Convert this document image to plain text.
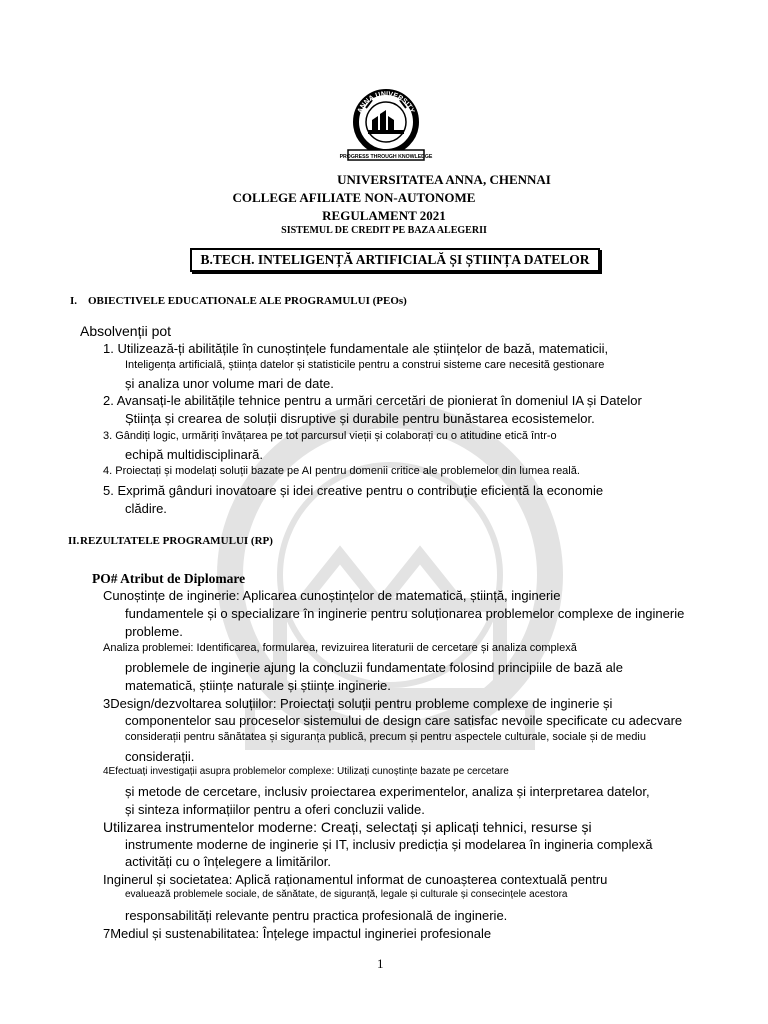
PROGRESS THROUGH KNOWLEDGE
ANNA UNIVERSITY
UNIVERSITATEA ANNA, CHENNAI
COLLEGE AFILIATE NON-AUTONOME
REGULAMENT 2021
SISTEMUL DE CREDIT PE BAZA ALEGERII
B.TECH. INTELIGENȚĂ ARTIFICIALĂ ȘI ȘTIINȚA DATELOR
I. OBIECTIVELE EDUCATIONALE ALE PROGRAMULUI (PEOs)
Absolvenții pot
1. Utilizează-ți abilitățile în cunoștințele fundamentale ale științelor de bază, matematicii,
Inteligența artificială, știința datelor și statisticile pentru a construi sisteme care necesită gestionare
și analiza unor volume mari de date.
2. Avansați-le abilitățile tehnice pentru a urmări cercetări de pionierat în domeniul IA și Datelor
Știința și crearea de soluții disruptive și durabile pentru bunăstarea ecosistemelor.
3. Gândiți logic, urmăriți învățarea pe tot parcursul vieții și colaborați cu o atitudine etică într-o
echipă multidisciplinară.
4. Proiectați și modelați soluții bazate pe AI pentru domenii critice ale problemelor din lumea reală.
5. Exprimă gânduri inovatoare și idei creative pentru o contribuție eficientă la economie
clădire.
II. REZULTATELE PROGRAMULUI (RP)
PO# Atribut de Diplomare
Cunoștințe de inginerie: Aplicarea cunoștințelor de matematică, știință, inginerie
fundamentele și o specializare în inginerie pentru soluționarea problemelor complexe de inginerie
probleme.
Analiza problemei: Identificarea, formularea, revizuirea literaturii de cercetare și analiza complexă
problemele de inginerie ajung la concluzii fundamentate folosind principiile de bază ale
matematică, științe naturale și științe inginerie.
3Design/dezvoltarea soluțiilor: Proiectați soluții pentru probleme complexe de inginerie și
componentelor sau proceselor sistemului de design care satisfac nevoile specificate cu adecvare
considerații pentru sănătatea și siguranța publică, precum și pentru aspectele culturale, sociale și de mediu
considerații.
4Efectuați investigații asupra problemelor complexe: Utilizați cunoștințe bazate pe cercetare
și metode de cercetare, inclusiv proiectarea experimentelor, analiza și interpretarea datelor,
și sinteza informațiilor pentru a oferi concluzii valide.
Utilizarea instrumentelor moderne: Creați, selectați și aplicați tehnici, resurse și
instrumente moderne de inginerie și IT, inclusiv predicția și modelarea în ingineria complexă
activități cu o înțelegere a limitărilor.
Inginerul și societatea: Aplică raționamentul informat de cunoașterea contextuală pentru
evaluează problemele sociale, de sănătate, de siguranță, legale și culturale și consecințele acestora
responsabilități relevante pentru practica profesională de inginerie.
7Mediul și sustenabilitatea: Înțelege impactul ingineriei profesionale
1
